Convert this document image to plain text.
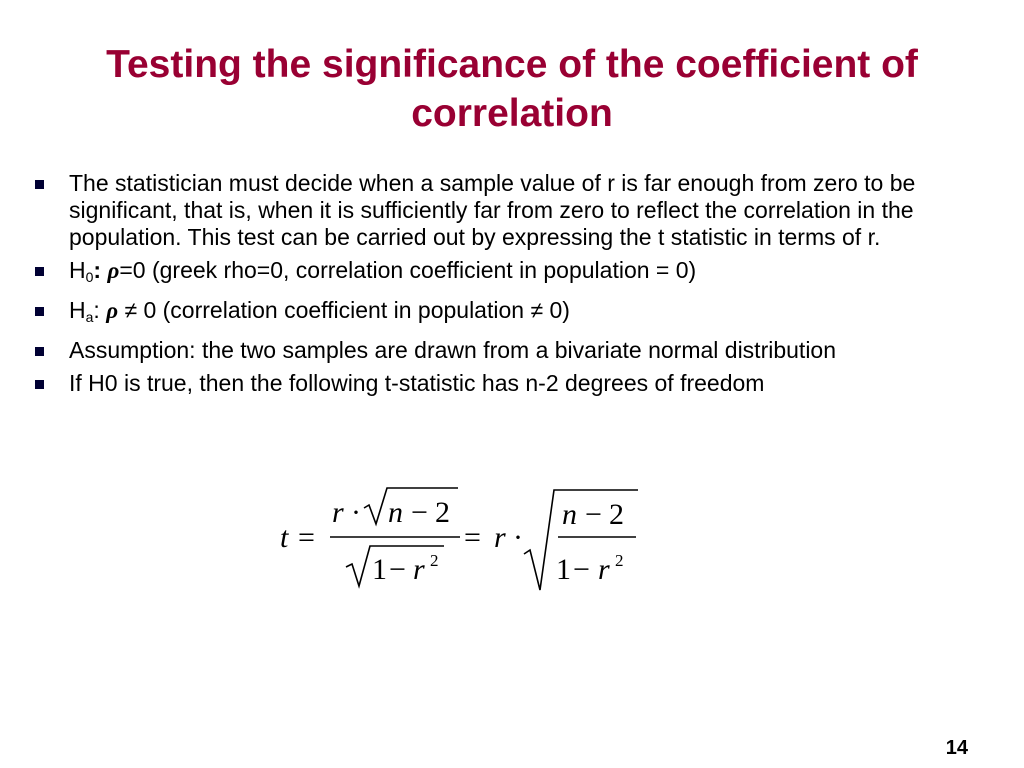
Testing the significance of the coefficient of correlation
The statistician must decide when a sample value of r is far enough from zero to be significant, that is, when it is sufficiently far from zero to reflect the correlation in the population. This test can be carried out by expressing the t statistic in terms of r.
$H_0$: ρ=0 (greek rho=0, correlation coefficient in population = 0)
$H_a$: ρ ≠ 0 (correlation coefficient in population ≠ 0)
Assumption: the two samples are drawn from a bivariate normal distribution
If H0 is true, then the following t-statistic has n-2 degrees of freedom
t =
r · n − 2
1 − r 2
= r ·
n − 2
1 − r 2
14
